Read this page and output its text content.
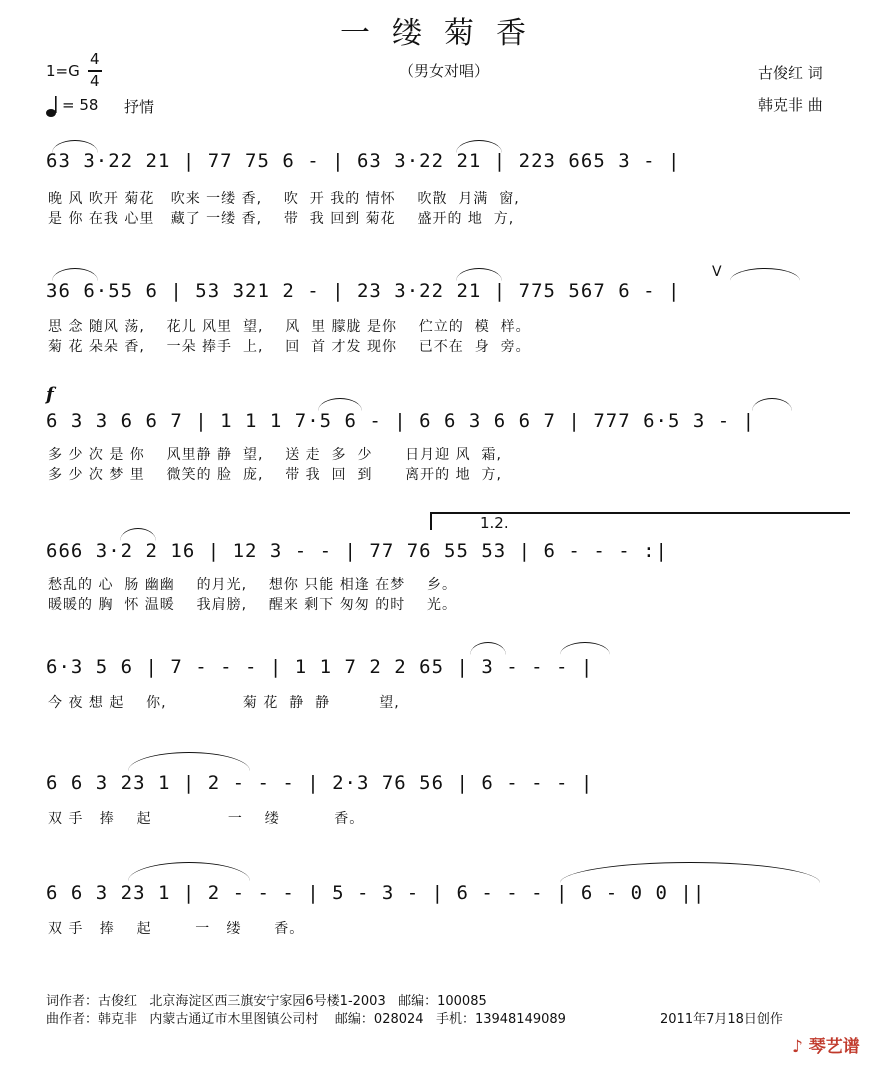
一缕菊香
（男女对唱）
1=G
4
4
= 58 抒情
古俊红 词
韩克非 曲
63 3·22 21 | 77 75 6 - | 63 3·22 21 | 223 665 3 - |
晚 风 吹开 菊花   吹来 一缕 香,    吹  开 我的 情怀    吹散  月满  窗,
是 你 在我 心里   藏了 一缕 香,    带  我 回到 菊花    盛开的 地  方,
36 6·55 6 | 53 321 2 - | 23 3·22 21 | 775 567 6 - |
V
思 念 随风 荡,    花儿 风里  望,    风  里 朦胧 是你    伫立的  模  样。
菊 花 朵朵 香,    一朵 捧手  上,    回  首 才发 现你    已不在  身  旁。
f
6 3 3 6 6 7 | 1 1 1 7·5 6 - | 6 6 3 6 6 7 | 777 6·5 3 - |
多 少 次 是 你    风里静 静  望,    送 走  多  少      日月迎 风  霜,
多 少 次 梦 里    微笑的 脸  庞,    带 我  回  到      离开的 地  方,
1.2.
666 3·2 2 16 | 12 3 - - | 77 76 55 53 | 6 - - - :|
愁乱的 心  肠 幽幽    的月光,    想你 只能 相逢 在梦    乡。
暖暖的 胸  怀 温暖    我肩膀,    醒来 剩下 匆匆 的时    光。
6·3 5 6 | 7 - - - | 1 1 7 2 2 65 | 3 - - - |
今 夜 想 起    你,              菊 花  静  静         望,
6 6 3 23 1 | 2 - - - | 2·3 76 56 | 6 - - - |
双 手   捧    起              一    缕          香。
6 6 3 23 1 | 2 - - - | 5 - 3 - | 6 - - - | 6 - 0 0 ||
双 手   捧    起        一   缕      香。
词作者：古俊红   北京海淀区西三旗安宁家园6号楼1-2003   邮编：100085
曲作者：韩克非   内蒙古通辽市木里图镇公司村    邮编：028024   手机：13948149089	2011年7月18日创作
♪ 琴艺谱
